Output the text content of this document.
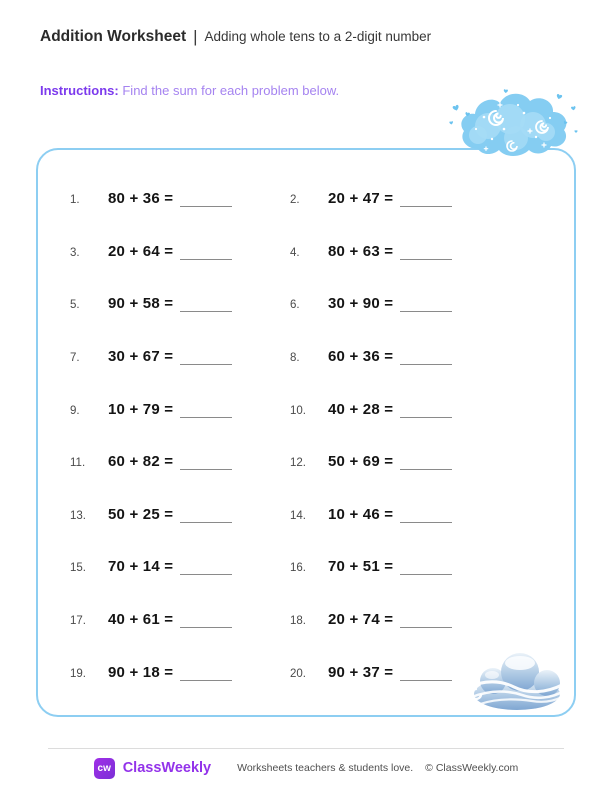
Addition Worksheet | Adding whole tens to a 2-digit number
Instructions: Find the sum for each problem below.
1. 80 + 36 =	2. 20 + 47 =
3. 20 + 64 =	4. 80 + 63 =
5. 90 + 58 =	6. 30 + 90 =
7. 30 + 67 =	8. 60 + 36 =
9. 10 + 79 =	10. 40 + 28 =
11. 60 + 82 =	12. 50 + 69 =
13. 50 + 25 =	14. 10 + 46 =
15. 70 + 14 =	16. 70 + 51 =
17. 40 + 61 =	18. 20 + 74 =
19. 90 + 18 =	20. 90 + 37 =
cw ClassWeekly Worksheets teachers & students love. © ClassWeekly.com
